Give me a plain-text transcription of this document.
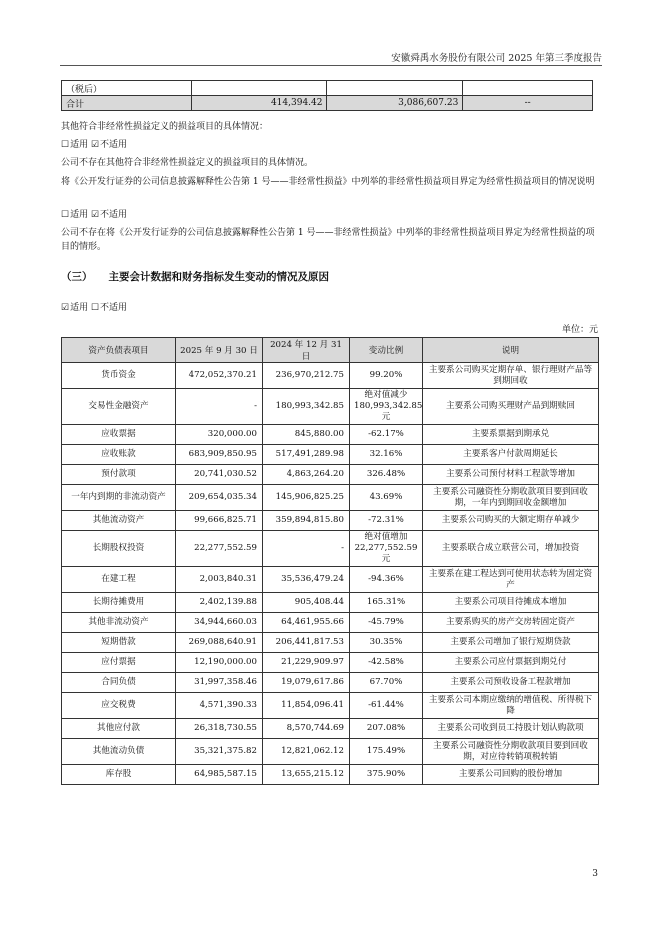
安徽舜禹水务股份有限公司 2025 年第三季度报告
（税后）			
合计	414,394.42	3,086,607.23	--
其他符合非经常性损益定义的损益项目的具体情况：
☐适用 ☑不适用
公司不存在其他符合非经常性损益定义的损益项目的具体情况。
将《公开发行证券的公司信息披露解释性公告第 1 号——非经常性损益》中列举的非经常性损益项目界定为经常性损益项目的情况说明
☐适用 ☑不适用
公司不存在将《公开发行证券的公司信息披露解释性公告第 1 号——非经常性损益》中列举的非经常性损益项目界定为经常性损益的项目的情形。
（三） 主要会计数据和财务指标发生变动的情况及原因
☑适用 ☐不适用
单位：元
资产负债表项目	2025 年 9 月 30 日	2024 年 12 月 31 日	变动比例	说明
货币资金	472,052,370.21	236,970,212.75	99.20%	主要系公司购买定期存单、银行理财产品等到期回收
交易性金融资产	-	180,993,342.85	绝对值减少180,993,342.85 元	主要系公司购买理财产品到期赎回
应收票据	320,000.00	845,880.00	-62.17%	主要系票据到期承兑
应收账款	683,909,850.95	517,491,289.98	32.16%	主要系客户付款周期延长
预付款项	20,741,030.52	4,863,264.20	326.48%	主要系公司预付材料工程款等增加
一年内到期的非流动资产	209,654,035.34	145,906,825.25	43.69%	主要系公司融资性分期收款项目要到回收期，一年内到期回收金额增加
其他流动资产	99,666,825.71	359,894,815.80	-72.31%	主要系公司购买的大额定期存单减少
长期股权投资	22,277,552.59	-	绝对值增加22,277,552.59 元	主要系联合成立联营公司，增加投资
在建工程	2,003,840.31	35,536,479.24	-94.36%	主要系在建工程达到可使用状态转为固定资产
长期待摊费用	2,402,139.88	905,408.44	165.31%	主要系公司项目待摊成本增加
其他非流动资产	34,944,660.03	64,461,955.66	-45.79%	主要系购买的房产交房转固定资产
短期借款	269,088,640.91	206,441,817.53	30.35%	主要系公司增加了银行短期贷款
应付票据	12,190,000.00	21,229,909.97	-42.58%	主要系公司应付票据到期兑付
合同负债	31,997,358.46	19,079,617.86	67.70%	主要系公司预收设备工程款增加
应交税费	4,571,390.33	11,854,096.41	-61.44%	主要系公司本期应缴纳的增值税、所得税下降
其他应付款	26,318,730.55	8,570,744.69	207.08%	主要系公司收到员工持股计划认购款项
其他流动负债	35,321,375.82	12,821,062.12	175.49%	主要系公司融资性分期收款项目要到回收期，对应待转销项税转销
库存股	64,985,587.15	13,655,215.12	375.90%	主要系公司回购的股份增加
3
